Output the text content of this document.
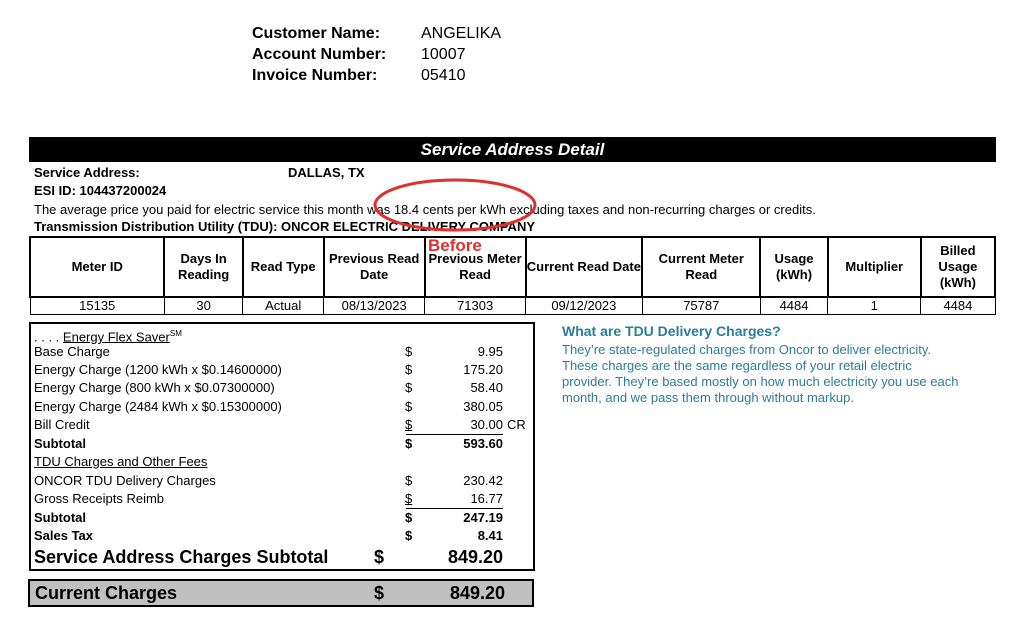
Customer Name:	ANGELIKA
Account Number: 10007
Invoice Number:	05410
Service Address Detail
Service Address:	DALLAS, TX
ESI ID: 104437200024
The average price you paid for electric service this month was 18.4 cents per kWh excluding taxes and non-recurring charges or credits.
Transmission Distribution Utility (TDU): ONCOR ELECTRIC DELIVERY COMPANY
Meter ID	Days In Reading	Read Type	Previous Read Date	Previous Meter Read	Current Read Date	Current Meter Read	Usage (kWh)	Multiplier	Billed Usage (kWh)
15135	30	Actual	08/13/2023	71303	09/12/2023	75787	4484	1	4484
. . . . Energy Flex Saver℠
Base Charge	$	9.95
Energy Charge (1200 kWh x $0.14600000)	$	175.20
Energy Charge (800 kWh x $0.07300000)	$	58.40
Energy Charge (2484 kWh x $0.15300000)	$	380.05
Bill Credit	$	30.00 CR
Subtotal	$	593.60
TDU Charges and Other Fees
ONCOR TDU Delivery Charges	$	230.42
Gross Receipts Reimb	$	16.77
Subtotal	$	247.19
Sales Tax	$	8.41
Service Address Charges Subtotal	$	849.20
Current Charges	$	849.20
What are TDU Delivery Charges?
They’re state-regulated charges from Oncor to deliver electricity. These charges are the same regardless of your retail electric provider. They’re based mostly on how much electricity you use each month, and we pass them through without markup.
Before
